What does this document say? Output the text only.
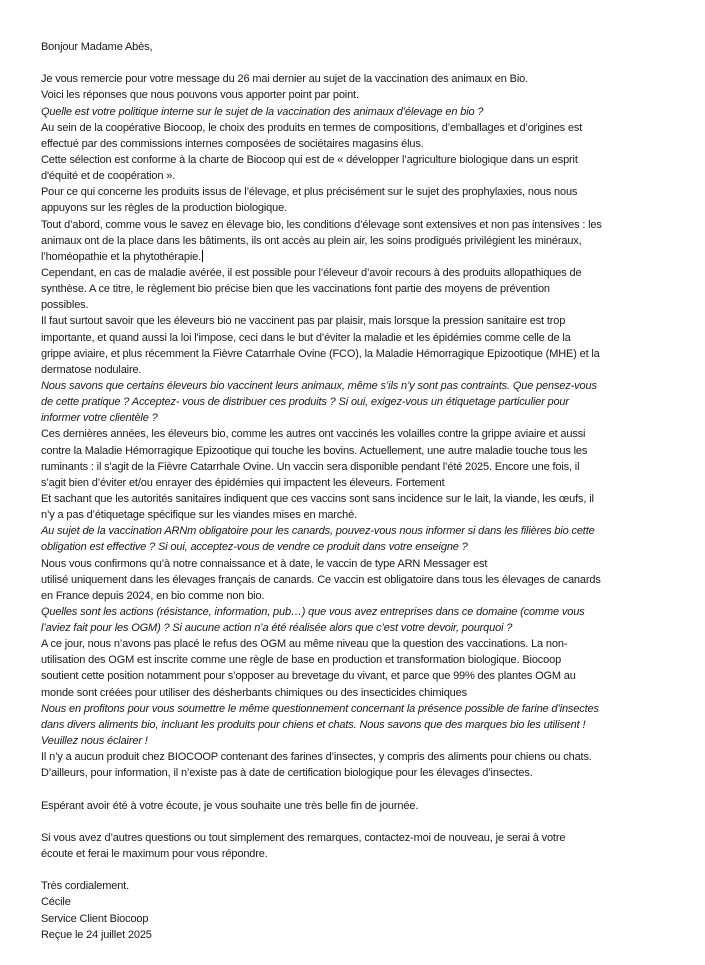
Bonjour Madame Abès,
Je vous remercie pour votre message du 26 mai dernier au sujet de la vaccination des animaux en Bio.
Voici les réponses que nous pouvons vous apporter point par point.
Quelle est votre politique interne sur le sujet de la vaccination des animaux d’élevage en bio ?
Au sein de la coopérative Biocoop, le choix des produits en termes de compositions, d’emballages et d’origines est
effectué par des commissions internes composées de sociétaires magasins élus.
Cette sélection est conforme à la charte de Biocoop qui est de « développer l’agriculture biologique dans un esprit
d'équité et de coopération ».
Pour ce qui concerne les produits issus de l’élevage, et plus précisément sur le sujet des prophylaxies, nous nous
appuyons sur les règles de la production biologique.
Tout d’abord, comme vous le savez en élevage bio, les conditions d’élevage sont extensives et non pas intensives : les
animaux ont de la place dans les bâtiments, ils ont accès au plein air, les soins prodigués privilégient les minéraux,
l’homéopathie et la phytothérapie.
Cependant, en cas de maladie avérée, il est possible pour l’éleveur d’avoir recours à des produits allopathiques de
synthèse. A ce titre, le règlement bio précise bien que les vaccinations font partie des moyens de prévention
possibles.
Il faut surtout savoir que les éleveurs bio ne vaccinent pas par plaisir, mais lorsque la pression sanitaire est trop
importante, et quand aussi la loi l'impose, ceci dans le but d’éviter la maladie et les épidémies comme celle de la
grippe aviaire, et plus récemment la Fièvre Catarrhale Ovine (FCO), la Maladie Hémorragique Epizootique (MHE) et la
dermatose nodulaire.
Nous savons que certains éleveurs bio vaccinent leurs animaux, même s’ils n’y sont pas contraints. Que pensez-vous
de cette pratique ? Acceptez- vous de distribuer ces produits ? Si oui, exigez-vous un étiquetage particulier pour
informer votre clientèle ?
Ces dernières années, les éleveurs bio, comme les autres ont vaccinés les volailles contre la grippe aviaire et aussi
contre la Maladie Hémorragique Epizootique qui touche les bovins. Actuellement, une autre maladie touche tous les
ruminants : il s'agit de la Fièvre Catarrhale Ovine. Un vaccin sera disponible pendant l’été 2025. Encore une fois, il
s’agit bien d’éviter et/ou enrayer des épidémies qui impactent les éleveurs. Fortement
Et sachant que les autorités sanitaires indiquent que ces vaccins sont sans incidence sur le lait, la viande, les œufs, il
n’y a pas d’étiquetage spécifique sur les viandes mises en marché.
Au sujet de la vaccination ARNm obligatoire pour les canards, pouvez-vous nous informer si dans les filières bio cette
obligation est effective ? Si oui, acceptez-vous de vendre ce produit dans votre enseigne ?
Nous vous confirmons qu’à notre connaissance et à date, le vaccin de type ARN Messager est
utilisé uniquement dans les élevages français de canards. Ce vaccin est obligatoire dans tous les élevages de canards
en France depuis 2024, en bio comme non bio.
Quelles sont les actions (résistance, information, pub…) que vous avez entreprises dans ce domaine (comme vous
l’aviez fait pour les OGM) ? Si aucune action n’a été réalisée alors que c’est votre devoir, pourquoi ?
A ce jour, nous n’avons pas placé le refus des OGM au même niveau que la question des vaccinations. La non-
utilisation des OGM est inscrite comme une règle de base en production et transformation biologique. Biocoop
soutient cette position notamment pour s’opposer au brevetage du vivant, et parce que 99% des plantes OGM au
monde sont créées pour utiliser des désherbants chimiques ou des insecticides chimiques
Nous en profitons pour vous soumettre le même questionnement concernant la présence possible de farine d’insectes
dans divers aliments bio, incluant les produits pour chiens et chats. Nous savons que des marques bio les utilisent !
Veuillez nous éclairer !
Il n’y a aucun produit chez BIOCOOP contenant des farines d’insectes, y compris des aliments pour chiens ou chats.
D’ailleurs, pour information, il n’existe pas à date de certification biologique pour les élevages d’insectes.
Espérant avoir été à votre écoute, je vous souhaite une très belle fin de journée.
Si vous avez d’autres questions ou tout simplement des remarques, contactez-moi de nouveau, je serai à votre
écoute et ferai le maximum pour vous répondre.
Très cordialement.
Cécile
Service Client Biocoop
Reçue le 24 juillet 2025
